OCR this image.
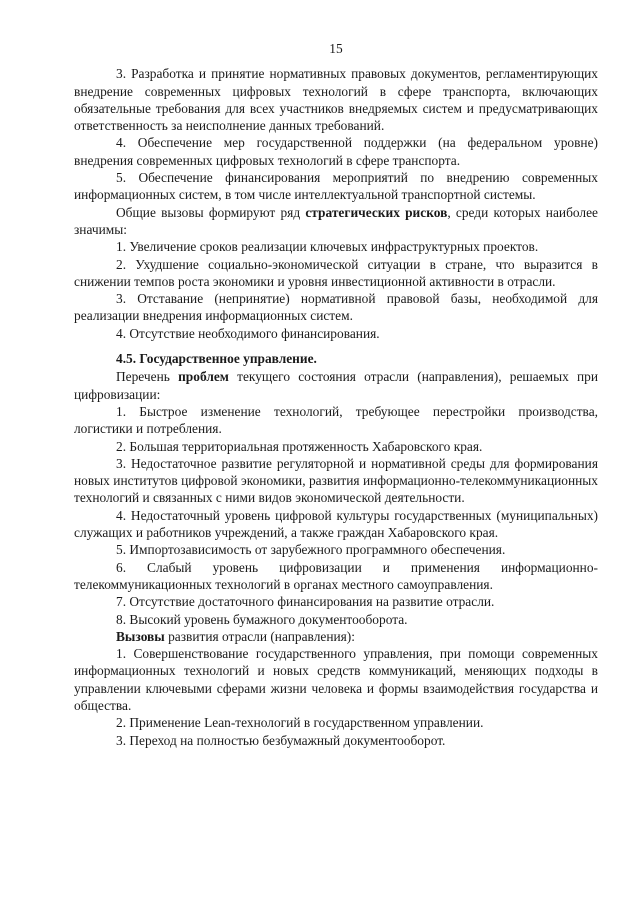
15

3. Разработка и принятие нормативных правовых документов, регламентирующих внедрение современных цифровых технологий в сфере транспорта, включающих обязательные требования для всех участников внедряемых систем и предусматривающих ответственность за неисполнение данных требований.

4. Обеспечение мер государственной поддержки (на федеральном уровне) внедрения современных цифровых технологий в сфере транспорта.

5. Обеспечение финансирования мероприятий по внедрению современных информационных систем, в том числе интеллектуальной транспортной системы.

Общие вызовы формируют ряд стратегических рисков, среди которых наиболее значимы:

1. Увеличение сроков реализации ключевых инфраструктурных проектов.

2. Ухудшение социально-экономической ситуации в стране, что выразится в снижении темпов роста экономики и уровня инвестиционной активности в отрасли.

3. Отставание (непринятие) нормативной правовой базы, необходимой для реализации внедрения информационных систем.

4. Отсутствие необходимого финансирования.

4.5. Государственное управление.

Перечень проблем текущего состояния отрасли (направления), решаемых при цифровизации:

1. Быстрое изменение технологий, требующее перестройки производства, логистики и потребления.

2. Большая территориальная протяженность Хабаровского края.

3. Недостаточное развитие регуляторной и нормативной среды для формирования новых институтов цифровой экономики, развития информационно-телекоммуникационных технологий и связанных с ними видов экономической деятельности.

4. Недостаточный уровень цифровой культуры государственных (муниципальных) служащих и работников учреждений, а также граждан Хабаровского края.

5. Импортозависимость от зарубежного программного обеспечения.

6. Слабый уровень цифровизации и применения информационно-телекоммуникационных технологий в органах местного самоуправления.

7. Отсутствие достаточного финансирования на развитие отрасли.

8. Высокий уровень бумажного документооборота.

Вызовы развития отрасли (направления):

1. Совершенствование государственного управления, при помощи современных информационных технологий и новых средств коммуникаций, меняющих подходы в управлении ключевыми сферами жизни человека и формы взаимодействия государства и общества.

2. Применение Lean-технологий в государственном управлении.

3. Переход на полностью безбумажный документооборот.
